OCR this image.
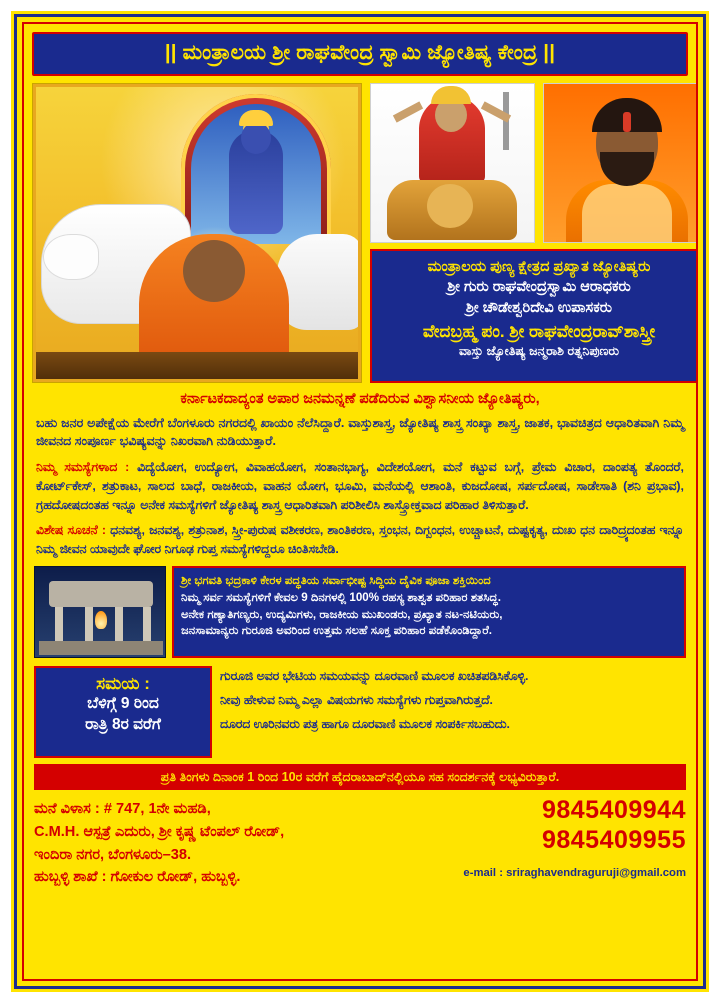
|| ಮಂತ್ರಾಲಯ ಶ್ರೀ ರಾಘವೇಂದ್ರ ಸ್ವಾಮಿ ಜ್ಯೋತಿಷ್ಯ ಕೇಂದ್ರ ||
ಮಂತ್ರಾಲಯ ಪುಣ್ಯ ಕ್ಷೇತ್ರದ ಪ್ರಖ್ಯಾತ ಜ್ಯೋತಿಷ್ಯರು
ಶ್ರೀ ಗುರು ರಾಘವೇಂದ್ರಸ್ವಾಮಿ ಆರಾಧಕರು
ಶ್ರೀ ಚೌಡೇಶ್ವರಿದೇವಿ ಉಪಾಸಕರು
ವೇದಬ್ರಹ್ಮ ಪಂ. ಶ್ರೀ ರಾಘವೇಂದ್ರರಾವ್‌ಶಾಸ್ತ್ರೀ
ವಾಸ್ತು ಜ್ಯೋತಿಷ್ಯ ಜನ್ಮರಾಶಿ ರತ್ನನಿಪುಣರು
ಕರ್ನಾಟಕದಾದ್ಯಂತ ಅಪಾರ ಜನಮನ್ನಣೆ ಪಡೆದಿರುವ ವಿಶ್ವಾಸನೀಯ ಜ್ಯೋತಿಷ್ಯರು,
ಬಹು ಜನರ ಅಪೇಕ್ಷೆಯ ಮೇರೆಗೆ ಬೆಂಗಳೂರು ನಗರದಲ್ಲಿ ಖಾಯಂ ನೆಲೆಸಿದ್ದಾರೆ. ವಾಸ್ತುಶಾಸ್ತ್ರ, ಜ್ಯೋತಿಷ್ಯ ಶಾಸ್ತ್ರ ಸಂಖ್ಯಾ ಶಾಸ್ತ್ರ, ಜಾತಕ, ಭಾವಚಿತ್ರದ ಆಧಾರಿತವಾಗಿ ನಿಮ್ಮ ಜೀವನದ ಸಂಪೂರ್ಣ ಭವಿಷ್ಯವನ್ನು ನಿಖರವಾಗಿ ನುಡಿಯುತ್ತಾರೆ.
ನಿಮ್ಮ ಸಮಸ್ಯೆಗಳಾದ : ವಿದ್ಯೆಯೋಗ, ಉದ್ಯೋಗ, ವಿವಾಹಯೋಗ, ಸಂತಾನಭಾಗ್ಯ, ವಿದೇಶಯೋಗ, ಮನೆ ಕಟ್ಟುವ ಬಗ್ಗೆ, ಪ್ರೇಮ ವಿಚಾರ, ದಾಂಪತ್ಯ ತೊಂದರೆ, ಕೋರ್ಟ್‌ಕೇಸ್, ಶತ್ರುಕಾಟ, ಸಾಲದ ಬಾಧೆ, ರಾಜಕೀಯ, ವಾಹನ ಯೋಗ, ಭೂಮಿ, ಮನೆಯಲ್ಲಿ ಆಶಾಂತಿ, ಕುಜದೋಷ, ಸರ್ಪದೋಷ, ಸಾಡೇಸಾತಿ (ಶನಿ ಪ್ರಭಾವ), ಗ್ರಹದೋಷದಂತಹ ಇನ್ನೂ ಅನೇಕ ಸಮಸ್ಯೆಗಳಿಗೆ ಜ್ಯೋತಿಷ್ಯ ಶಾಸ್ತ್ರ ಆಧಾರಿತವಾಗಿ ಪರಿಶೀಲಿಸಿ ಶಾಸ್ತ್ರೋಕ್ತವಾದ ಪರಿಹಾರ ತಿಳಿಸುತ್ತಾರೆ.
ವಿಶೇಷ ಸೂಚನೆ : ಧನವಶ್ಯ, ಜನವಶ್ಯ, ಶತ್ರುನಾಶ, ಸ್ತ್ರೀ-ಪುರುಷ ವಶೀಕರಣ, ಶಾಂತಿಕರಣ, ಸ್ತಂಭನ, ದಿಗ್ಬಂಧನ, ಉಚ್ಚಾಟನೆ, ದುಷ್ಟಕೃತ್ಯ, ದುಃಖ ಧನ ದಾರಿದ್ರ್ಯದಂತಹ ಇನ್ನೂ ನಿಮ್ಮ ಜೀವನ ಯಾವುದೇ ಘೋರ ನಿಗೂಢ ಗುಪ್ತ ಸಮಸ್ಯೆಗಳಿದ್ದರೂ ಚಿಂತಿಸಬೇಡಿ.

ಶ್ರೀ ಭಗವತಿ ಭದ್ರಕಾಳಿ ಕೇರಳ ಪದ್ಧತಿಯ ಸರ್ವಾಭೀಷ್ಟ ಸಿದ್ಧಿಯ ದೈವಿಕ ಪೂಜಾ ಶಕ್ತಿಯಿಂದ

ನಿಮ್ಮ ಸರ್ವ ಸಮಸ್ಯೆಗಳಿಗೆ ಕೇವಲ 9 ದಿನಗಳಲ್ಲಿ 100% ರಹಸ್ಯ ಶಾಶ್ವತ ಪರಿಹಾರ ಶತಸಿದ್ಧ.

ಅನೇಕ ಗಣ್ಯಾತಿಗಣ್ಯರು, ಉದ್ಯಮಿಗಳು, ರಾಜಕೀಯ ಮುಖಂಡರು, ಪ್ರಖ್ಯಾತ ನಟ-ನಟಿಯರು,

ಜನಸಾಮಾನ್ಯರು ಗುರೂಜಿ ಅವರಿಂದ ಉತ್ತಮ ಸಲಹೆ ಸೂಕ್ತ ಪರಿಹಾರ ಪಡೆಕೊಂಡಿದ್ದಾರೆ.

ಸಮಯ :
ಬೆಳಿಗ್ಗೆ 9 ರಿಂದ
ರಾತ್ರಿ 8ರ ವರೆಗೆ
ಗುರೂಜಿ ಅವರ ಭೇಟಿಯ ಸಮಯವನ್ನು ದೂರವಾಣಿ ಮೂಲಕ ಖಚಿತಪಡಿಸಿಕೊಳ್ಳಿ.
ನೀವು ಹೇಳುವ ನಿಮ್ಮ ಎಲ್ಲಾ ವಿಷಯಗಳು ಸಮಸ್ಯೆಗಳು ಗುಪ್ತವಾಗಿರುತ್ತದೆ.
ದೂರದ ಊರಿನವರು ಪತ್ರ ಹಾಗೂ ದೂರವಾಣಿ ಮೂಲಕ ಸಂಪರ್ಕಿಸಬಹುದು.
ಪ್ರತಿ ತಿಂಗಳು ದಿನಾಂಕ 1 ರಿಂದ 10ರ ವರೆಗೆ ಹೈದರಾಬಾದ್‌ನಲ್ಲಿಯೂ ಸಹ ಸಂದರ್ಶನಕ್ಕೆ ಲಭ್ಯವಿರುತ್ತಾರೆ.
ಮನೆ ವಿಳಾಸ : # 747, 1ನೇ ಮಹಡಿ,
C.M.H. ಆಸ್ಪತ್ರೆ ಎದುರು, ಶ್ರೀ ಕೃಷ್ಣ ಟೆಂಪಲ್ ರೋಡ್,
ಇಂದಿರಾ ನಗರ, ಬೆಂಗಳೂರು–38.
ಹುಬ್ಬಳ್ಳಿ ಶಾಖೆ : ಗೋಕುಲ ರೋಡ್, ಹುಬ್ಬಳ್ಳಿ.
9845409944
9845409955
e-mail : sriraghavendraguruji@gmail.com
